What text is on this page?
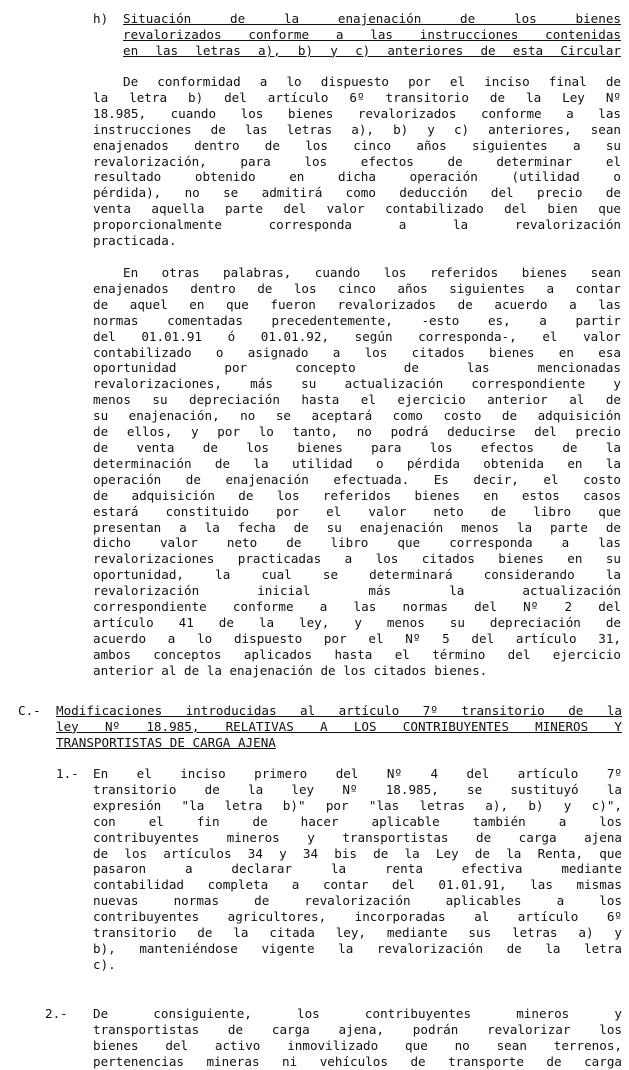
h) Situación de la enajenación de los bienes
revalorizados conforme a las instrucciones contenidas
en las letras a), b) y c) anteriores de esta Circular
De conformidad a lo dispuesto por el inciso final de
la letra b) del artículo 6º transitorio de la Ley Nº
18.985, cuando los bienes revalorizados conforme a las
instrucciones de las letras a), b) y c) anteriores, sean
enajenados dentro de los cinco años siguientes a su
revalorización, para los efectos de determinar el
resultado obtenido en dicha operación (utilidad o
pérdida), no se admitirá como deducción del precio de
venta aquella parte del valor contabilizado del bien que
proporcionalmente corresponda a la revalorización
practicada.
En otras palabras, cuando los referidos bienes sean
enajenados dentro de los cinco años siguientes a contar
de aquel en que fueron revalorizados de acuerdo a las
normas comentadas precedentemente, -esto es, a partir
del 01.01.91 ó 01.01.92, según corresponda-, el valor
contabilizado o asignado a los citados bienes en esa
oportunidad por concepto de las mencionadas
revalorizaciones, más su actualización correspondiente y
menos su depreciación hasta el ejercicio anterior al de
su enajenación, no se aceptará como costo de adquisición
de ellos, y por lo tanto, no podrá deducirse del precio
de venta de los bienes para los efectos de la
determinación de la utilidad o pérdida obtenida en la
operación de enajenación efectuada. Es decir, el costo
de adquisición de los referidos bienes en estos casos
estará constituido por el valor neto de libro que
presentan a la fecha de su enajenación menos la parte de
dicho valor neto de libro que corresponda a las
revalorizaciones practicadas a los citados bienes en su
oportunidad, la cual se determinará considerando la
revalorización inicial más la actualización
correspondiente conforme a las normas del Nº 2 del
artículo 41 de la ley, y menos su depreciación de
acuerdo a lo dispuesto por el Nº 5 del artículo 31,
ambos conceptos aplicados hasta el término del ejercicio
anterior al de la enajenación de los citados bienes.
C.- Modificaciones introducidas al artículo 7º transitorio de la
ley Nº 18.985, RELATIVAS A LOS CONTRIBUYENTES MINEROS Y
TRANSPORTISTAS DE CARGA AJENA
1.- En el inciso primero del Nº 4 del artículo 7º
transitorio de la ley Nº 18.985, se sustituyó la
expresión "la letra b)" por "las letras a), b) y c)",
con el fin de hacer aplicable también a los
contribuyentes mineros y transportistas de carga ajena
de los artículos 34 y 34 bis de la Ley de la Renta, que
pasaron a declarar la renta efectiva mediante
contabilidad completa a contar del 01.01.91, las mismas
nuevas normas de revalorización aplicables a los
contribuyentes agricultores, incorporadas al artículo 6º
transitorio de la citada ley, mediante sus letras a) y
b), manteniéndose vigente la revalorización de la letra
c).
2.- De consiguiente, los contribuyentes mineros y
transportistas de carga ajena, podrán revalorizar los
bienes del activo inmovilizado que no sean terrenos,
pertenencias mineras ni vehículos de transporte de carga
